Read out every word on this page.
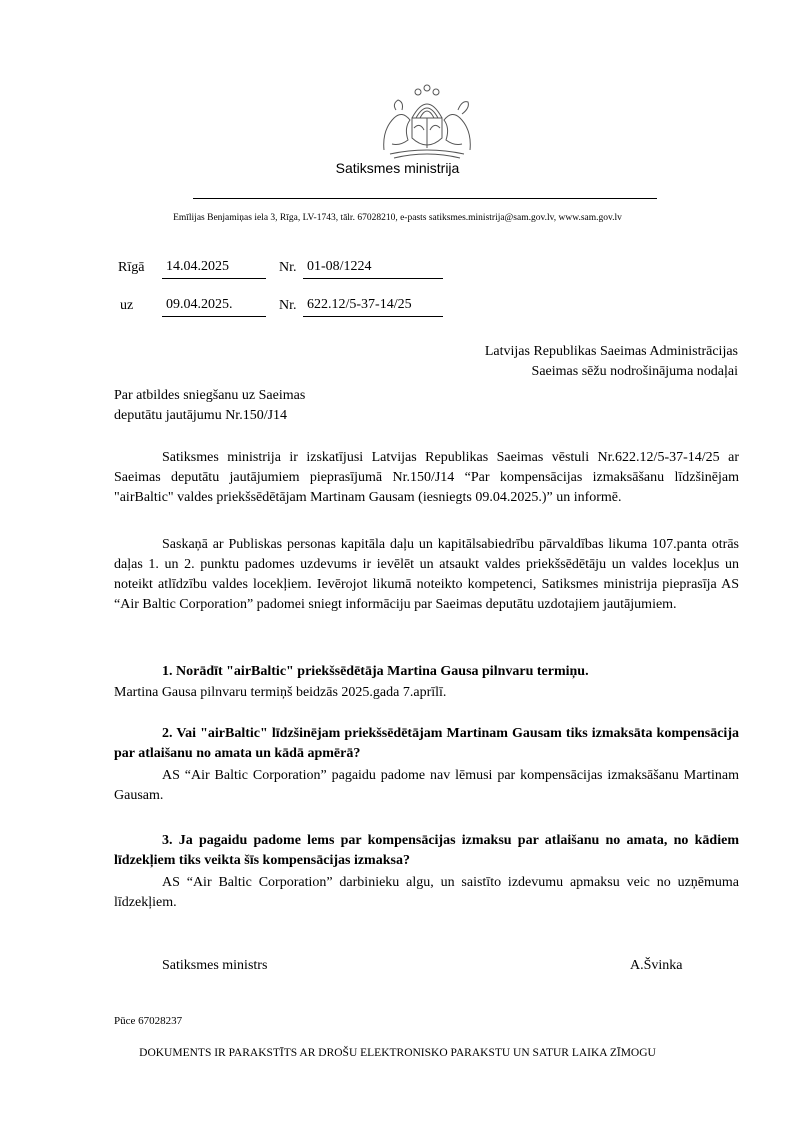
Satiksmes ministrija
Emīlijas Benjamiņas iela 3, Rīga, LV-1743, tālr. 67028210, e-pasts satiksmes.ministrija@sam.gov.lv, www.sam.gov.lv
Rīgā 14.04.2025	Nr. 01-08/1224
uz 09.04.2025.	Nr. 622.12/5-37-14/25
Latvijas Republikas Saeimas Administrācijas
Saeimas sēžu nodrošinājuma nodaļai
Par atbildes sniegšanu uz Saeimas
deputātu jautājumu Nr.150/J14
Satiksmes ministrija ir izskatījusi Latvijas Republikas Saeimas vēstuli Nr.622.12/5-37-14/25 ar Saeimas deputātu jautājumiem pieprasījumā Nr.150/J14 “Par kompensācijas izmaksāšanu līdzšinējam "airBaltic" valdes priekšsēdētājam Martinam Gausam (iesniegts 09.04.2025.)” un informē.
Saskaņā ar Publiskas personas kapitāla daļu un kapitālsabiedrību pārvaldības likuma 107.panta otrās daļas 1. un 2. punktu padomes uzdevums ir ievēlēt un atsaukt valdes priekšsēdētāju un valdes locekļus un noteikt atlīdzību valdes locekļiem. Ievērojot likumā noteikto kompetenci, Satiksmes ministrija pieprasīja AS “Air Baltic Corporation” padomei sniegt informāciju par Saeimas deputātu uzdotajiem jautājumiem.
1. Norādīt "airBaltic" priekšsēdētāja Martina Gausa pilnvaru termiņu.
Martina Gausa pilnvaru termiņš beidzās 2025.gada 7.aprīlī.
2. Vai "airBaltic" līdzšinējam priekšsēdētājam Martinam Gausam tiks izmaksāta kompensācija par atlaišanu no amata un kādā apmērā?
AS “Air Baltic Corporation” pagaidu padome nav lēmusi par kompensācijas izmaksāšanu Martinam Gausam.
3. Ja pagaidu padome lems par kompensācijas izmaksu par atlaišanu no amata, no kādiem līdzekļiem tiks veikta šīs kompensācijas izmaksa?
AS “Air Baltic Corporation” darbinieku algu, un saistīto izdevumu apmaksu veic no uzņēmuma līdzekļiem.
Satiksmes ministrs	A.Švinka
Pūce 67028237
DOKUMENTS IR PARAKSTĪTS AR DROŠU ELEKTRONISKO PARAKSTU UN SATUR LAIKA ZĪMOGU
